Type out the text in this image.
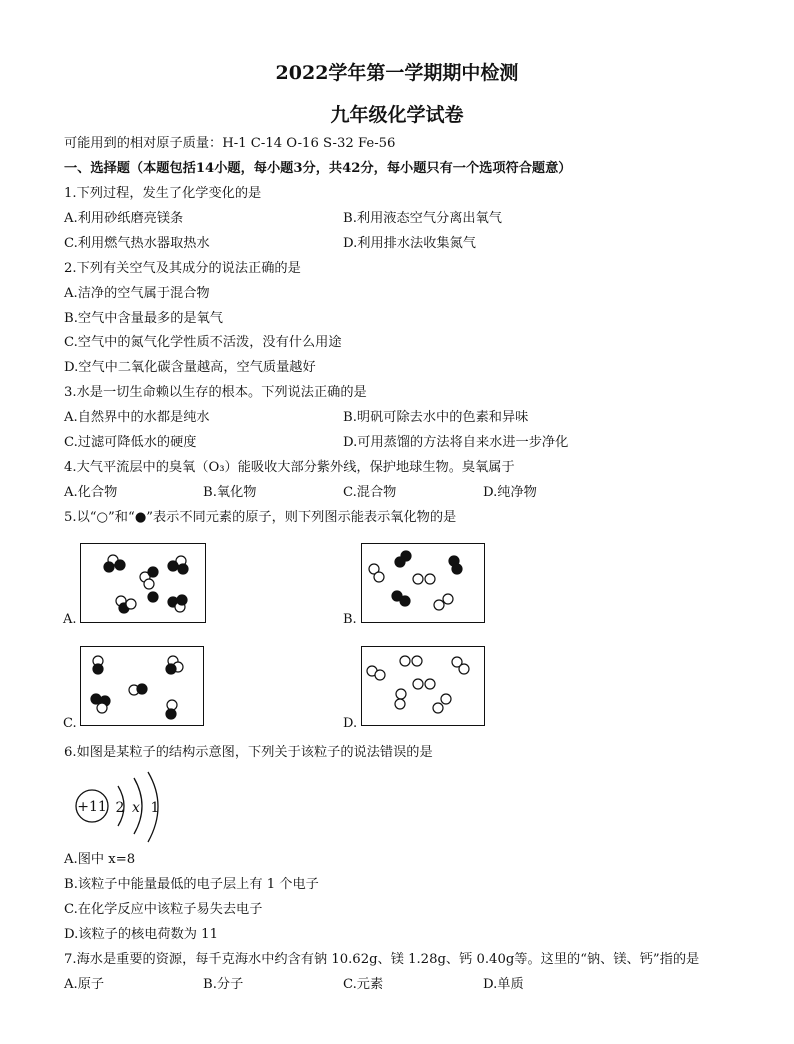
2022学年第一学期期中检测
九年级化学试卷
可能用到的相对原子质量：H-1 C-14 O-16 S-32 Fe-56
一、选择题（本题包括14小题，每小题3分，共42分，每小题只有一个选项符合题意）
1.下列过程，发生了化学变化的是
A.利用砂纸磨亮镁条	B.利用液态空气分离出氧气
C.利用燃气热水器取热水	D.利用排水法收集氮气
2.下列有关空气及其成分的说法正确的是
A.洁净的空气属于混合物
B.空气中含量最多的是氧气
C.空气中的氮气化学性质不活泼，没有什么用途
D.空气中二氧化碳含量越高，空气质量越好
3.水是一切生命赖以生存的根本。下列说法正确的是
A.自然界中的水都是纯水	B.明矾可除去水中的色素和异味
C.过滤可降低水的硬度	D.可用蒸馏的方法将自来水进一步净化
4.大气平流层中的臭氧（O₃）能吸收大部分紫外线，保护地球生物。臭氧属于
A.化合物	B.氧化物	C.混合物	D.纯净物
5.以“○”和“●”表示不同元素的原子，则下列图示能表示氧化物的是
A.	B.
C.	D.
6.如图是某粒子的结构示意图，下列关于该粒子的说法错误的是
+11 2 x 1
A.图中 x=8
B.该粒子中能量最低的电子层上有 1 个电子
C.在化学反应中该粒子易失去电子
D.该粒子的核电荷数为 11
7.海水是重要的资源，每千克海水中约含有钠 10.62g、镁 1.28g、钙 0.40g等。这里的“钠、镁、钙”指的是
A.原子	B.分子	C.元素	D.单质
